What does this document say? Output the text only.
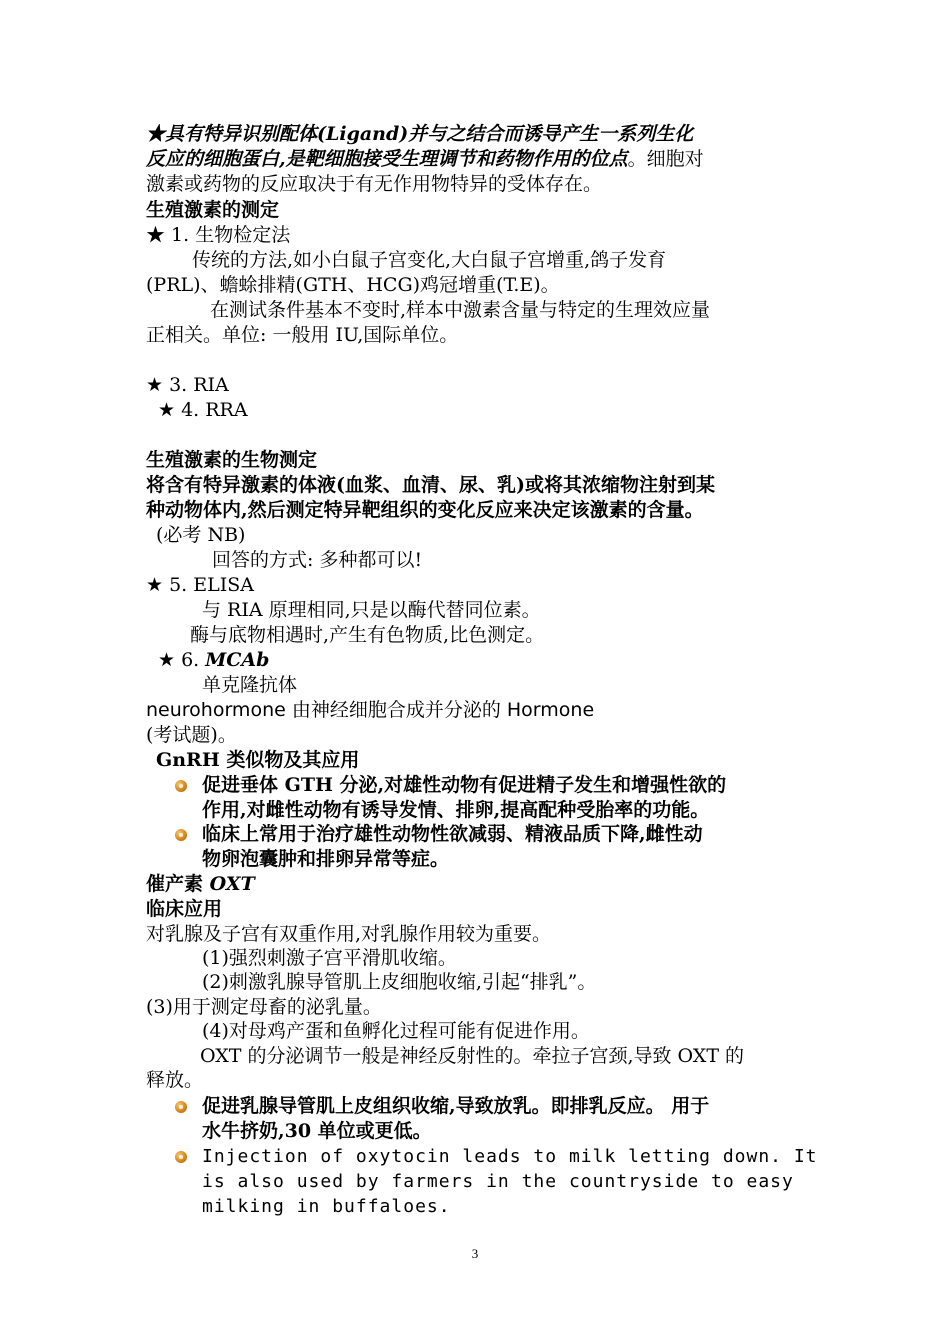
★具有特异识别配体(Ligand)并与之结合而诱导产生一系列生化
反应的细胞蛋白,是靶细胞接受生理调节和药物作用的位点。细胞对
激素或药物的反应取决于有无作用物特异的受体存在。
生殖激素的测定
★ 1. 生物检定法
传统的方法,如小白鼠子宫变化,大白鼠子宫增重,鸽子发育
(PRL)、蟾蜍排精(GTH、HCG)鸡冠增重(T.E)。
在测试条件基本不变时,样本中激素含量与特定的生理效应量
正相关。单位: 一般用 IU,国际单位。
★ 3. RIA
★ 4. RRA
生殖激素的生物测定
将含有特异激素的体液(血浆、血清、尿、乳)或将其浓缩物注射到某
种动物体内,然后测定特异靶组织的变化反应来决定该激素的含量。
(必考 NB)
回答的方式: 多种都可以!
★ 5. ELISA
与 RIA 原理相同,只是以酶代替同位素。
酶与底物相遇时,产生有色物质,比色测定。
★ 6. MCAb
单克隆抗体
neurohormone 由神经细胞合成并分泌的 Hormone
(考试题)。
GnRH 类似物及其应用
促进垂体 GTH 分泌,对雄性动物有促进精子发生和增强性欲的
作用,对雌性动物有诱导发情、排卵,提高配种受胎率的功能。
临床上常用于治疗雄性动物性欲减弱、精液品质下降,雌性动
物卵泡囊肿和排卵异常等症。
催产素 OXT
临床应用
对乳腺及子宫有双重作用,对乳腺作用较为重要。
(1)强烈刺激子宫平滑肌收缩。
(2)刺激乳腺导管肌上皮细胞收缩,引起“排乳”。
(3)用于测定母畜的泌乳量。
(4)对母鸡产蛋和鱼孵化过程可能有促进作用。
OXT 的分泌调节一般是神经反射性的。牵拉子宫颈,导致 OXT 的
释放。
促进乳腺导管肌上皮组织收缩,导致放乳。即排乳反应。 用于
水牛挤奶,30 单位或更低。
Injection of oxytocin leads to milk letting down. It
is also used by farmers in the countryside to easy
milking in buffaloes.
3
